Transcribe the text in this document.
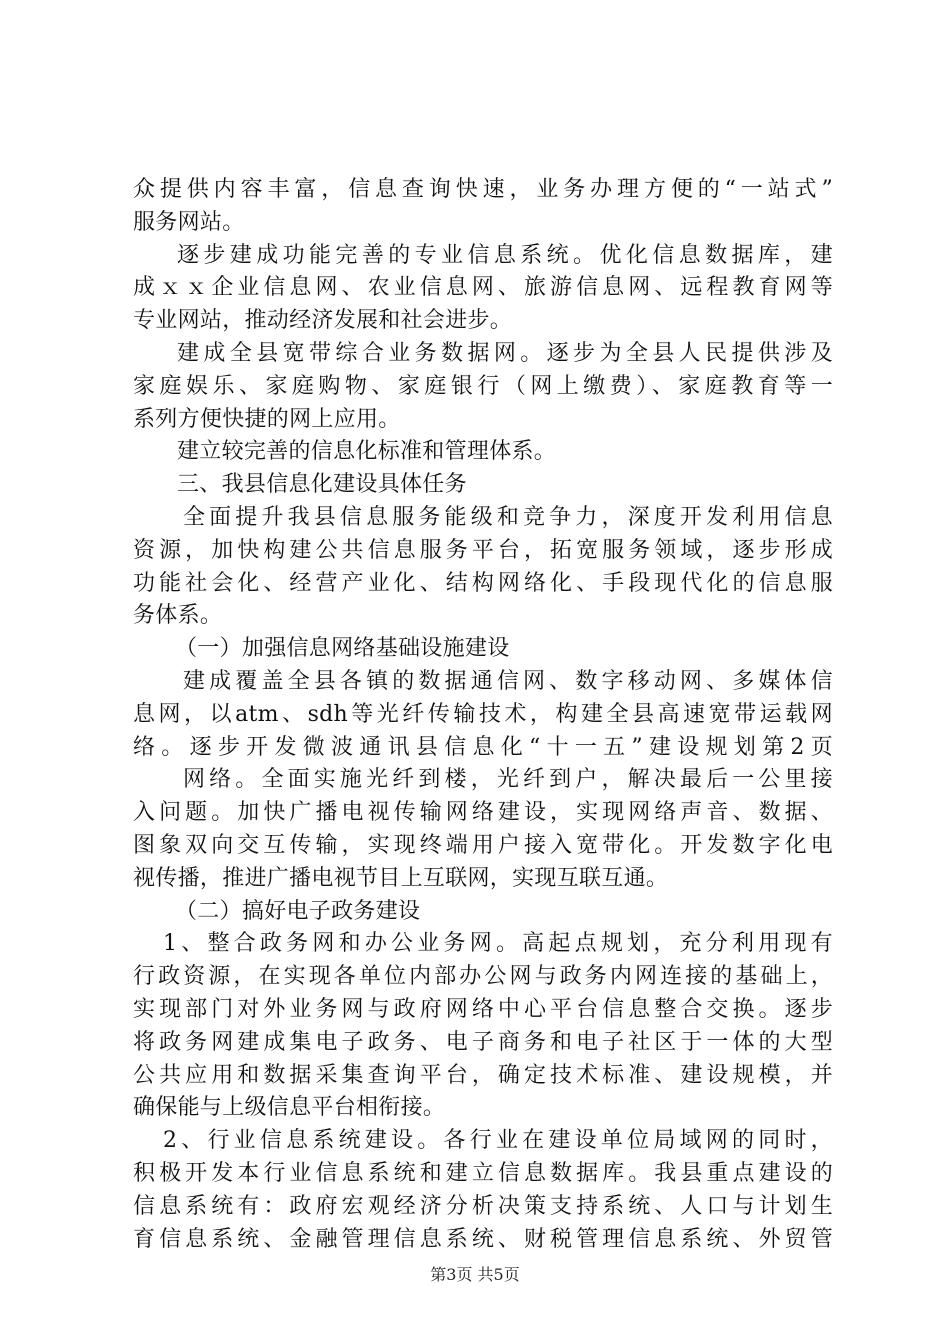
众提供内容丰富，信息查询快速，业务办理方便的“一站式”
服务网站。
逐步建成功能完善的专业信息系统。优化信息数据库，建
成ｘｘ企业信息网、农业信息网、旅游信息网、远程教育网等
专业网站，推动经济发展和社会进步。
建成全县宽带综合业务数据网。逐步为全县人民提供涉及
家庭娱乐、家庭购物、家庭银行（网上缴费）、家庭教育等一
系列方便快捷的网上应用。
建立较完善的信息化标准和管理体系。
三、我县信息化建设具体任务
全面提升我县信息服务能级和竞争力，深度开发利用信息
资源，加快构建公共信息服务平台，拓宽服务领域，逐步形成
功能社会化、经营产业化、结构网络化、手段现代化的信息服
务体系。
（一）加强信息网络基础设施建设
建成覆盖全县各镇的数据通信网、数字移动网、多媒体信
息网，以atm、sdh等光纤传输技术，构建全县高速宽带运载网
络。逐步开发微波通讯县信息化“十一五”建设规划第2页
网络。全面实施光纤到楼，光纤到户，解决最后一公里接
入问题。加快广播电视传输网络建设，实现网络声音、数据、
图象双向交互传输，实现终端用户接入宽带化。开发数字化电
视传播，推进广播电视节目上互联网，实现互联互通。
（二）搞好电子政务建设
1、整合政务网和办公业务网。高起点规划，充分利用现有
行政资源，在实现各单位内部办公网与政务内网连接的基础上，
实现部门对外业务网与政府网络中心平台信息整合交换。逐步
将政务网建成集电子政务、电子商务和电子社区于一体的大型
公共应用和数据采集查询平台，确定技术标准、建设规模，并
确保能与上级信息平台相衔接。
2、行业信息系统建设。各行业在建设单位局域网的同时，
积极开发本行业信息系统和建立信息数据库。我县重点建设的
信息系统有：政府宏观经济分析决策支持系统、人口与计划生
育信息系统、金融管理信息系统、财税管理信息系统、外贸管
第3页 共5页
